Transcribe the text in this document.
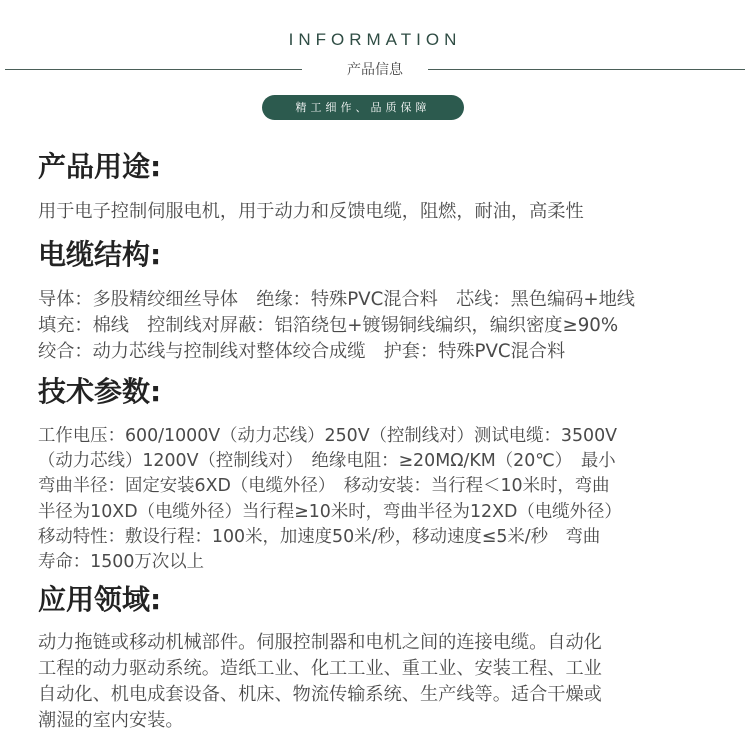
INFORMATION
产品信息
精工细作、品质保障
产品用途:
用于电子控制伺服电机，用于动力和反馈电缆，阻燃，耐油，高柔性
电缆结构:
导体：多股精绞细丝导体　绝缘：特殊PVC混合料　芯线：黑色编码+地线
填充：棉线　控制线对屏蔽：铝箔绕包+镀锡铜线编织，编织密度≥90%
绞合：动力芯线与控制线对整体绞合成缆　护套：特殊PVC混合料
技术参数:
工作电压：600/1000V（动力芯线）250V（控制线对）测试电缆：3500V
（动力芯线）1200V（控制线对）　绝缘电阻：≥20MΩ/KM（20℃）　最小
弯曲半径：固定安装6XD（电缆外径）　移动安装：当行程＜10米时，弯曲
半径为10XD（电缆外径）当行程≥10米时，弯曲半径为12XD（电缆外径）
移动特性：敷设行程：100米，加速度50米/秒，移动速度≤5米/秒　弯曲
寿命：1500万次以上
应用领域:
动力拖链或移动机械部件。伺服控制器和电机之间的连接电缆。自动化
工程的动力驱动系统。造纸工业、化工工业、重工业、安装工程、工业
自动化、机电成套设备、机床、物流传输系统、生产线等。适合干燥或
潮湿的室内安装。
